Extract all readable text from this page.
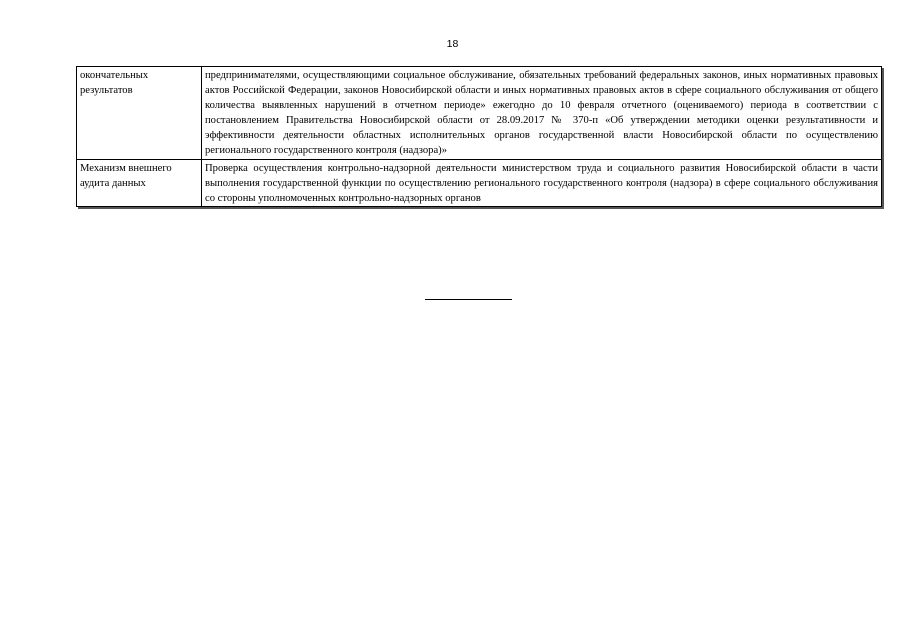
18
окончательных результатов	предпринимателями, осуществляющими социальное обслуживание, обязательных требований федеральных законов, иных нормативных правовых актов Российской Федерации, законов Новосибирской области и иных нормативных правовых актов в сфере социального обслуживания от общего количества выявленных нарушений в отчетном периоде» ежегодно до 10 февраля отчетного (оцениваемого) периода в соответствии с постановлением Правительства Новосибирской области от 28.09.2017 № 370-п «Об утверждении методики оценки результативности и эффективности деятельности областных исполнительных органов государственной власти Новосибирской области по осуществлению регионального государственного контроля (надзора)»
Механизм внешнего аудита данных	Проверка осуществления контрольно-надзорной деятельности министерством труда и социального развития Новосибирской области в части выполнения государственной функции по осуществлению регионального государственного контроля (надзора) в сфере социального обслуживания со стороны уполномоченных контрольно-надзорных органов
